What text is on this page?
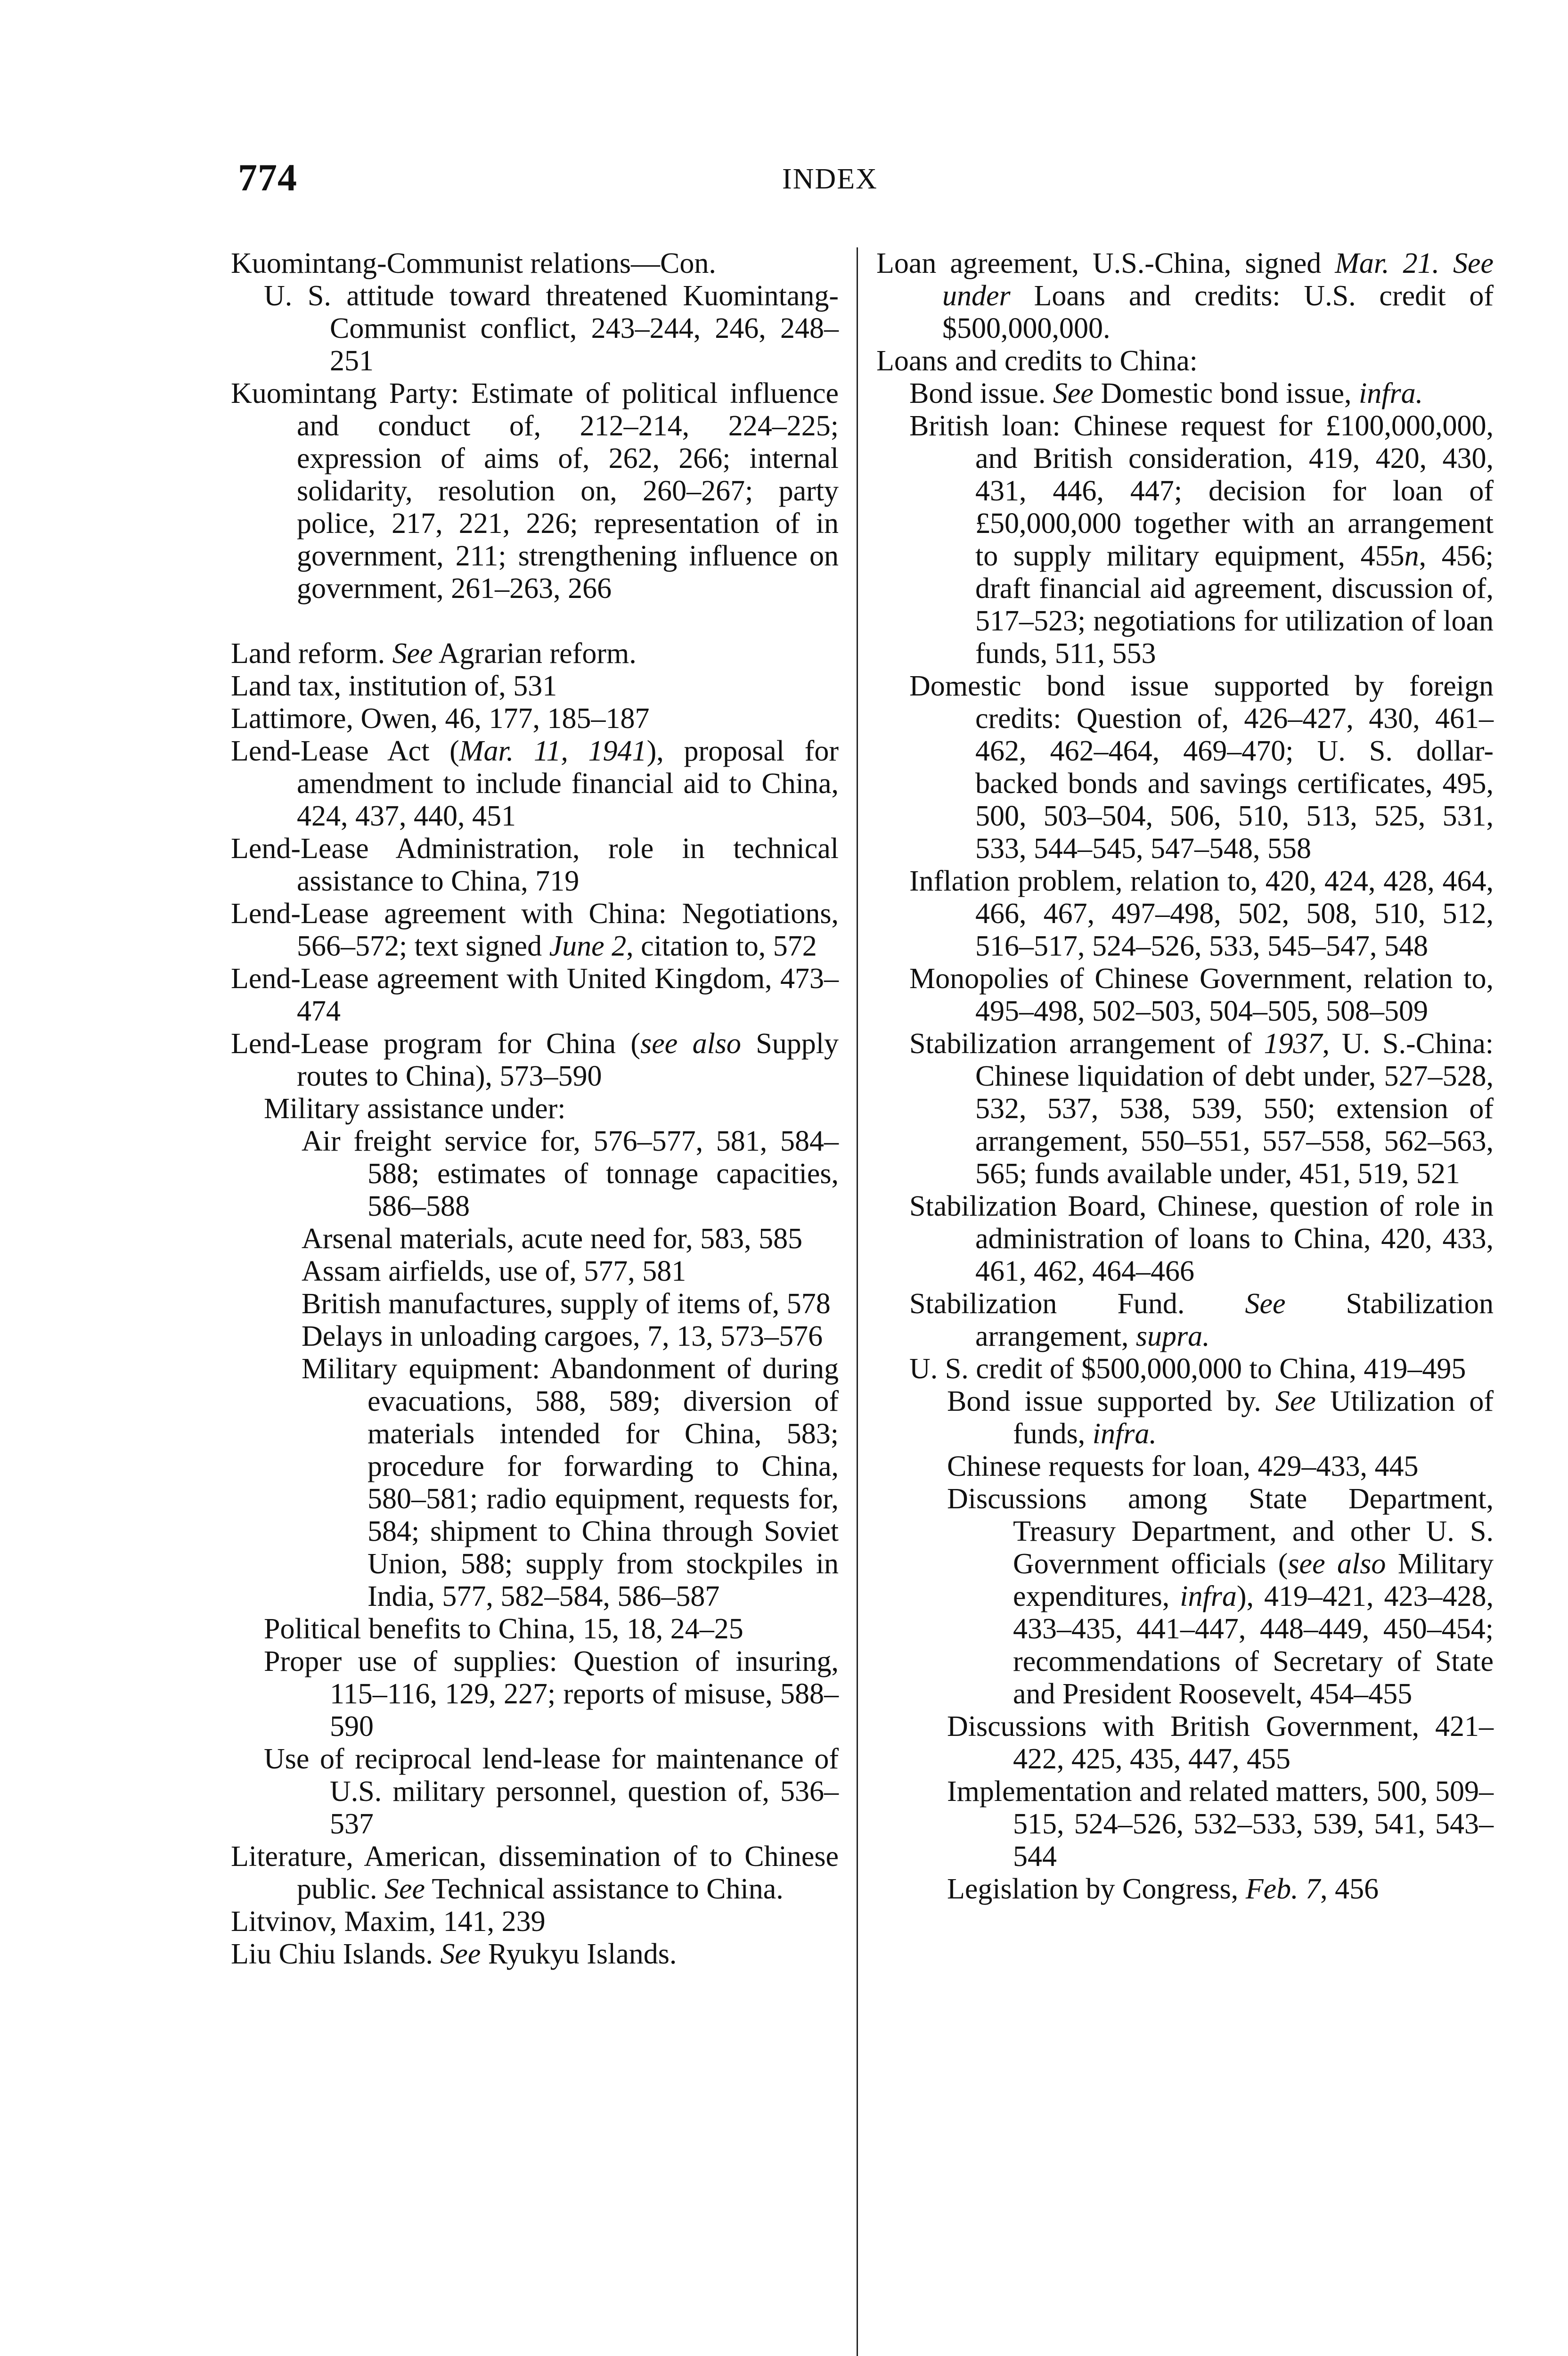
774	INDEX

Kuomintang-Communist relations—Con.

U. S. attitude toward threatened Kuomintang-Communist conflict, 243–244, 246, 248–251

Kuomintang Party: Estimate of political influence and conduct of, 212–214, 224–225; expression of aims of, 262, 266; internal solidarity, resolution on, 260–267; party police, 217, 221, 226; representation of in government, 211; strengthening influence on government, 261–263, 266

Land reform. See Agrarian reform.

Land tax, institution of, 531

Lattimore, Owen, 46, 177, 185–187

Lend-Lease Act (Mar. 11, 1941), proposal for amendment to include financial aid to China, 424, 437, 440, 451

Lend-Lease Administration, role in technical assistance to China, 719

Lend-Lease agreement with China: Negotiations, 566–572; text signed June 2, citation to, 572

Lend-Lease agreement with United Kingdom, 473–474

Lend-Lease program for China (see also Supply routes to China), 573–590

Military assistance under:

Air freight service for, 576–577, 581, 584–588; estimates of tonnage capacities, 586–588

Arsenal materials, acute need for, 583, 585

Assam airfields, use of, 577, 581

British manufactures, supply of items of, 578

Delays in unloading cargoes, 7, 13, 573–576

Military equipment: Abandonment of during evacuations, 588, 589; diversion of materials intended for China, 583; procedure for forwarding to China, 580–581; radio equipment, requests for, 584; shipment to China through Soviet Union, 588; supply from stockpiles in India, 577, 582–584, 586–587

Political benefits to China, 15, 18, 24–25

Proper use of supplies: Question of insuring, 115–116, 129, 227; reports of misuse, 588–590

Use of reciprocal lend-lease for maintenance of U.S. military personnel, question of, 536–537

Literature, American, dissemination of to Chinese public. See Technical assistance to China.

Litvinov, Maxim, 141, 239

Liu Chiu Islands. See Ryukyu Islands.

Loan agreement, U.S.-China, signed Mar. 21. See under Loans and credits: U.S. credit of $500,000,000.

Loans and credits to China:

Bond issue. See Domestic bond issue, infra.

British loan: Chinese request for £100,000,000, and British consideration, 419, 420, 430, 431, 446, 447; decision for loan of £50,000,000 together with an arrangement to supply military equipment, 455n, 456; draft financial aid agreement, discussion of, 517–523; negotiations for utilization of loan funds, 511, 553

Domestic bond issue supported by foreign credits: Question of, 426–427, 430, 461–462, 462–464, 469–470; U. S. dollar-backed bonds and savings certificates, 495, 500, 503–504, 506, 510, 513, 525, 531, 533, 544–545, 547–548, 558

Inflation problem, relation to, 420, 424, 428, 464, 466, 467, 497–498, 502, 508, 510, 512, 516–517, 524–526, 533, 545–547, 548

Monopolies of Chinese Government, relation to, 495–498, 502–503, 504–505, 508–509

Stabilization arrangement of 1937, U. S.-China: Chinese liquidation of debt under, 527–528, 532, 537, 538, 539, 550; extension of arrangement, 550–551, 557–558, 562–563, 565; funds available under, 451, 519, 521

Stabilization Board, Chinese, question of role in administration of loans to China, 420, 433, 461, 462, 464–466

Stabilization Fund. See Stabilization arrangement, supra.

U. S. credit of $500,000,000 to China, 419–495

Bond issue supported by. See Utilization of funds, infra.

Chinese requests for loan, 429–433, 445

Discussions among State Department, Treasury Department, and other U. S. Government officials (see also Military expenditures, infra), 419–421, 423–428, 433–435, 441–447, 448–449, 450–454; recommendations of Secretary of State and President Roosevelt, 454–455

Discussions with British Government, 421–422, 425, 435, 447, 455

Implementation and related matters, 500, 509–515, 524–526, 532–533, 539, 541, 543–544

Legislation by Congress, Feb. 7, 456
